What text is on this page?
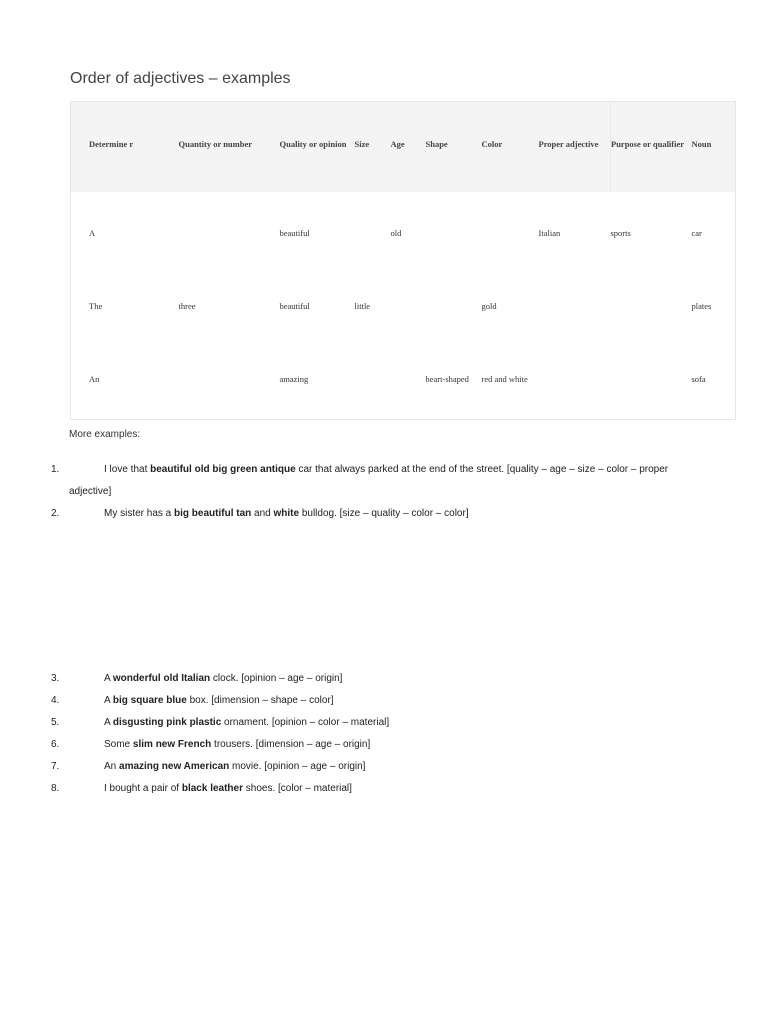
Order of adjectives – examples
Determine r	Quantity or number	Quality or opinion	Size	Age	Shape	Color	Proper adjective	Purpose or qualifier	Noun
A		beautiful		old			Italian	sports	car
The	three	beautiful	little			gold			plates
An		amazing			heart-shaped	red and white			sofa
More examples:
1.	I love that beautiful old big green antique car that always parked at the end of the street. [quality – age – size – color – proper adjective]
2.	My sister has a big beautiful tan and white bulldog. [size – quality – color – color]
3.	A wonderful old Italian clock. [opinion – age – origin]
4.	A big square blue box. [dimension – shape – color]
5.	A disgusting pink plastic ornament. [opinion – color – material]
6.	Some slim new French trousers. [dimension – age – origin]
7.	An amazing new American movie. [opinion – age – origin]
8.	I bought a pair of black leather shoes. [color – material]
